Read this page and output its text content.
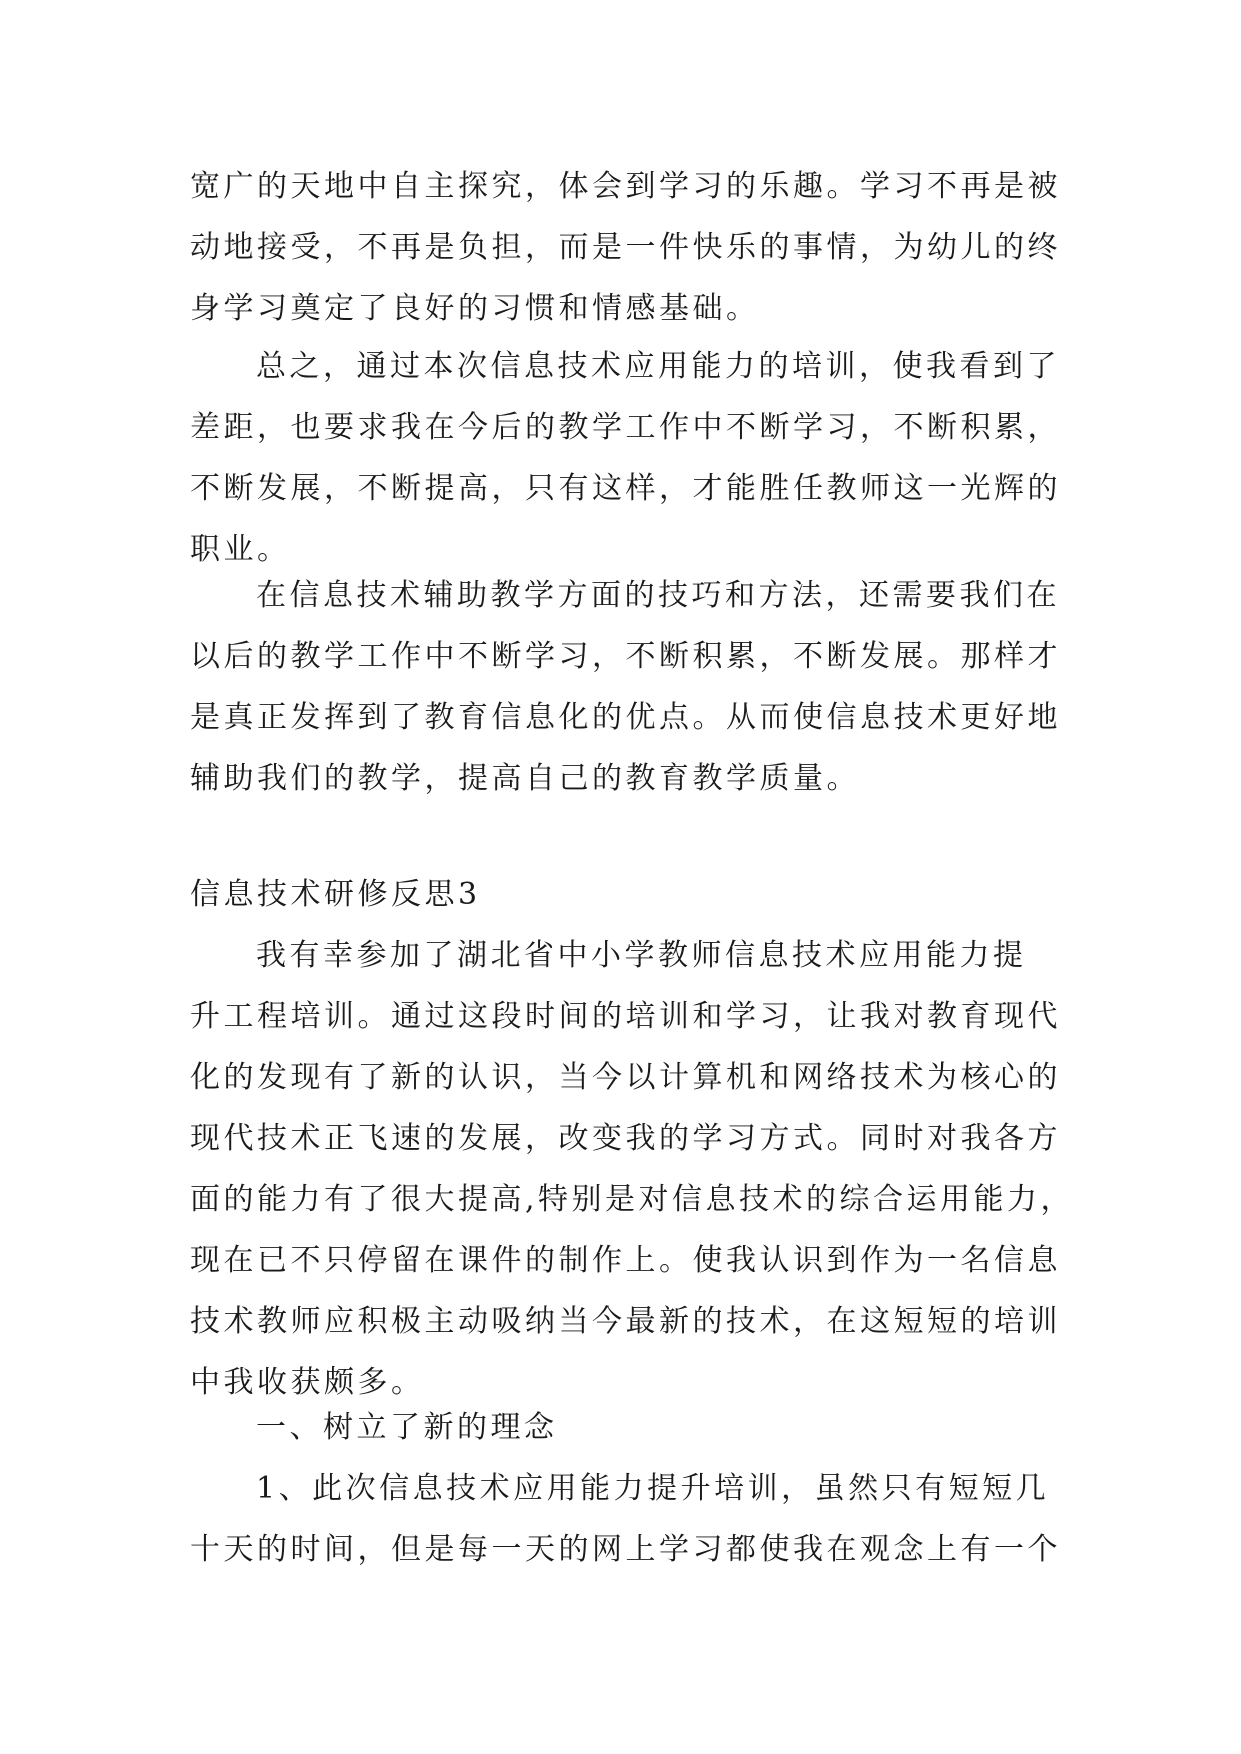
宽广的天地中自主探究，体会到学习的乐趣。学习不再是被
动地接受，不再是负担，而是一件快乐的事情，为幼儿的终
身学习奠定了良好的习惯和情感基础。

总之，通过本次信息技术应用能力的培训，使我看到了
差距，也要求我在今后的教学工作中不断学习，不断积累，
不断发展，不断提高，只有这样，才能胜任教师这一光辉的
职业。

在信息技术辅助教学方面的技巧和方法，还需要我们在
以后的教学工作中不断学习，不断积累，不断发展。那样才
是真正发挥到了教育信息化的优点。从而使信息技术更好地
辅助我们的教学，提高自己的教育教学质量。

信息技术研修反思3

我有幸参加了湖北省中小学教师信息技术应用能力提
升工程培训。通过这段时间的培训和学习，让我对教育现代
化的发现有了新的认识，当今以计算机和网络技术为核心的
现代技术正飞速的发展，改变我的学习方式。同时对我各方
面的能力有了很大提高,特别是对信息技术的综合运用能力，
现在已不只停留在课件的制作上。使我认识到作为一名信息
技术教师应积极主动吸纳当今最新的技术，在这短短的培训
中我收获颇多。

一、树立了新的理念

1、此次信息技术应用能力提升培训，虽然只有短短几
十天的时间，但是每一天的网上学习都使我在观念上有一个
